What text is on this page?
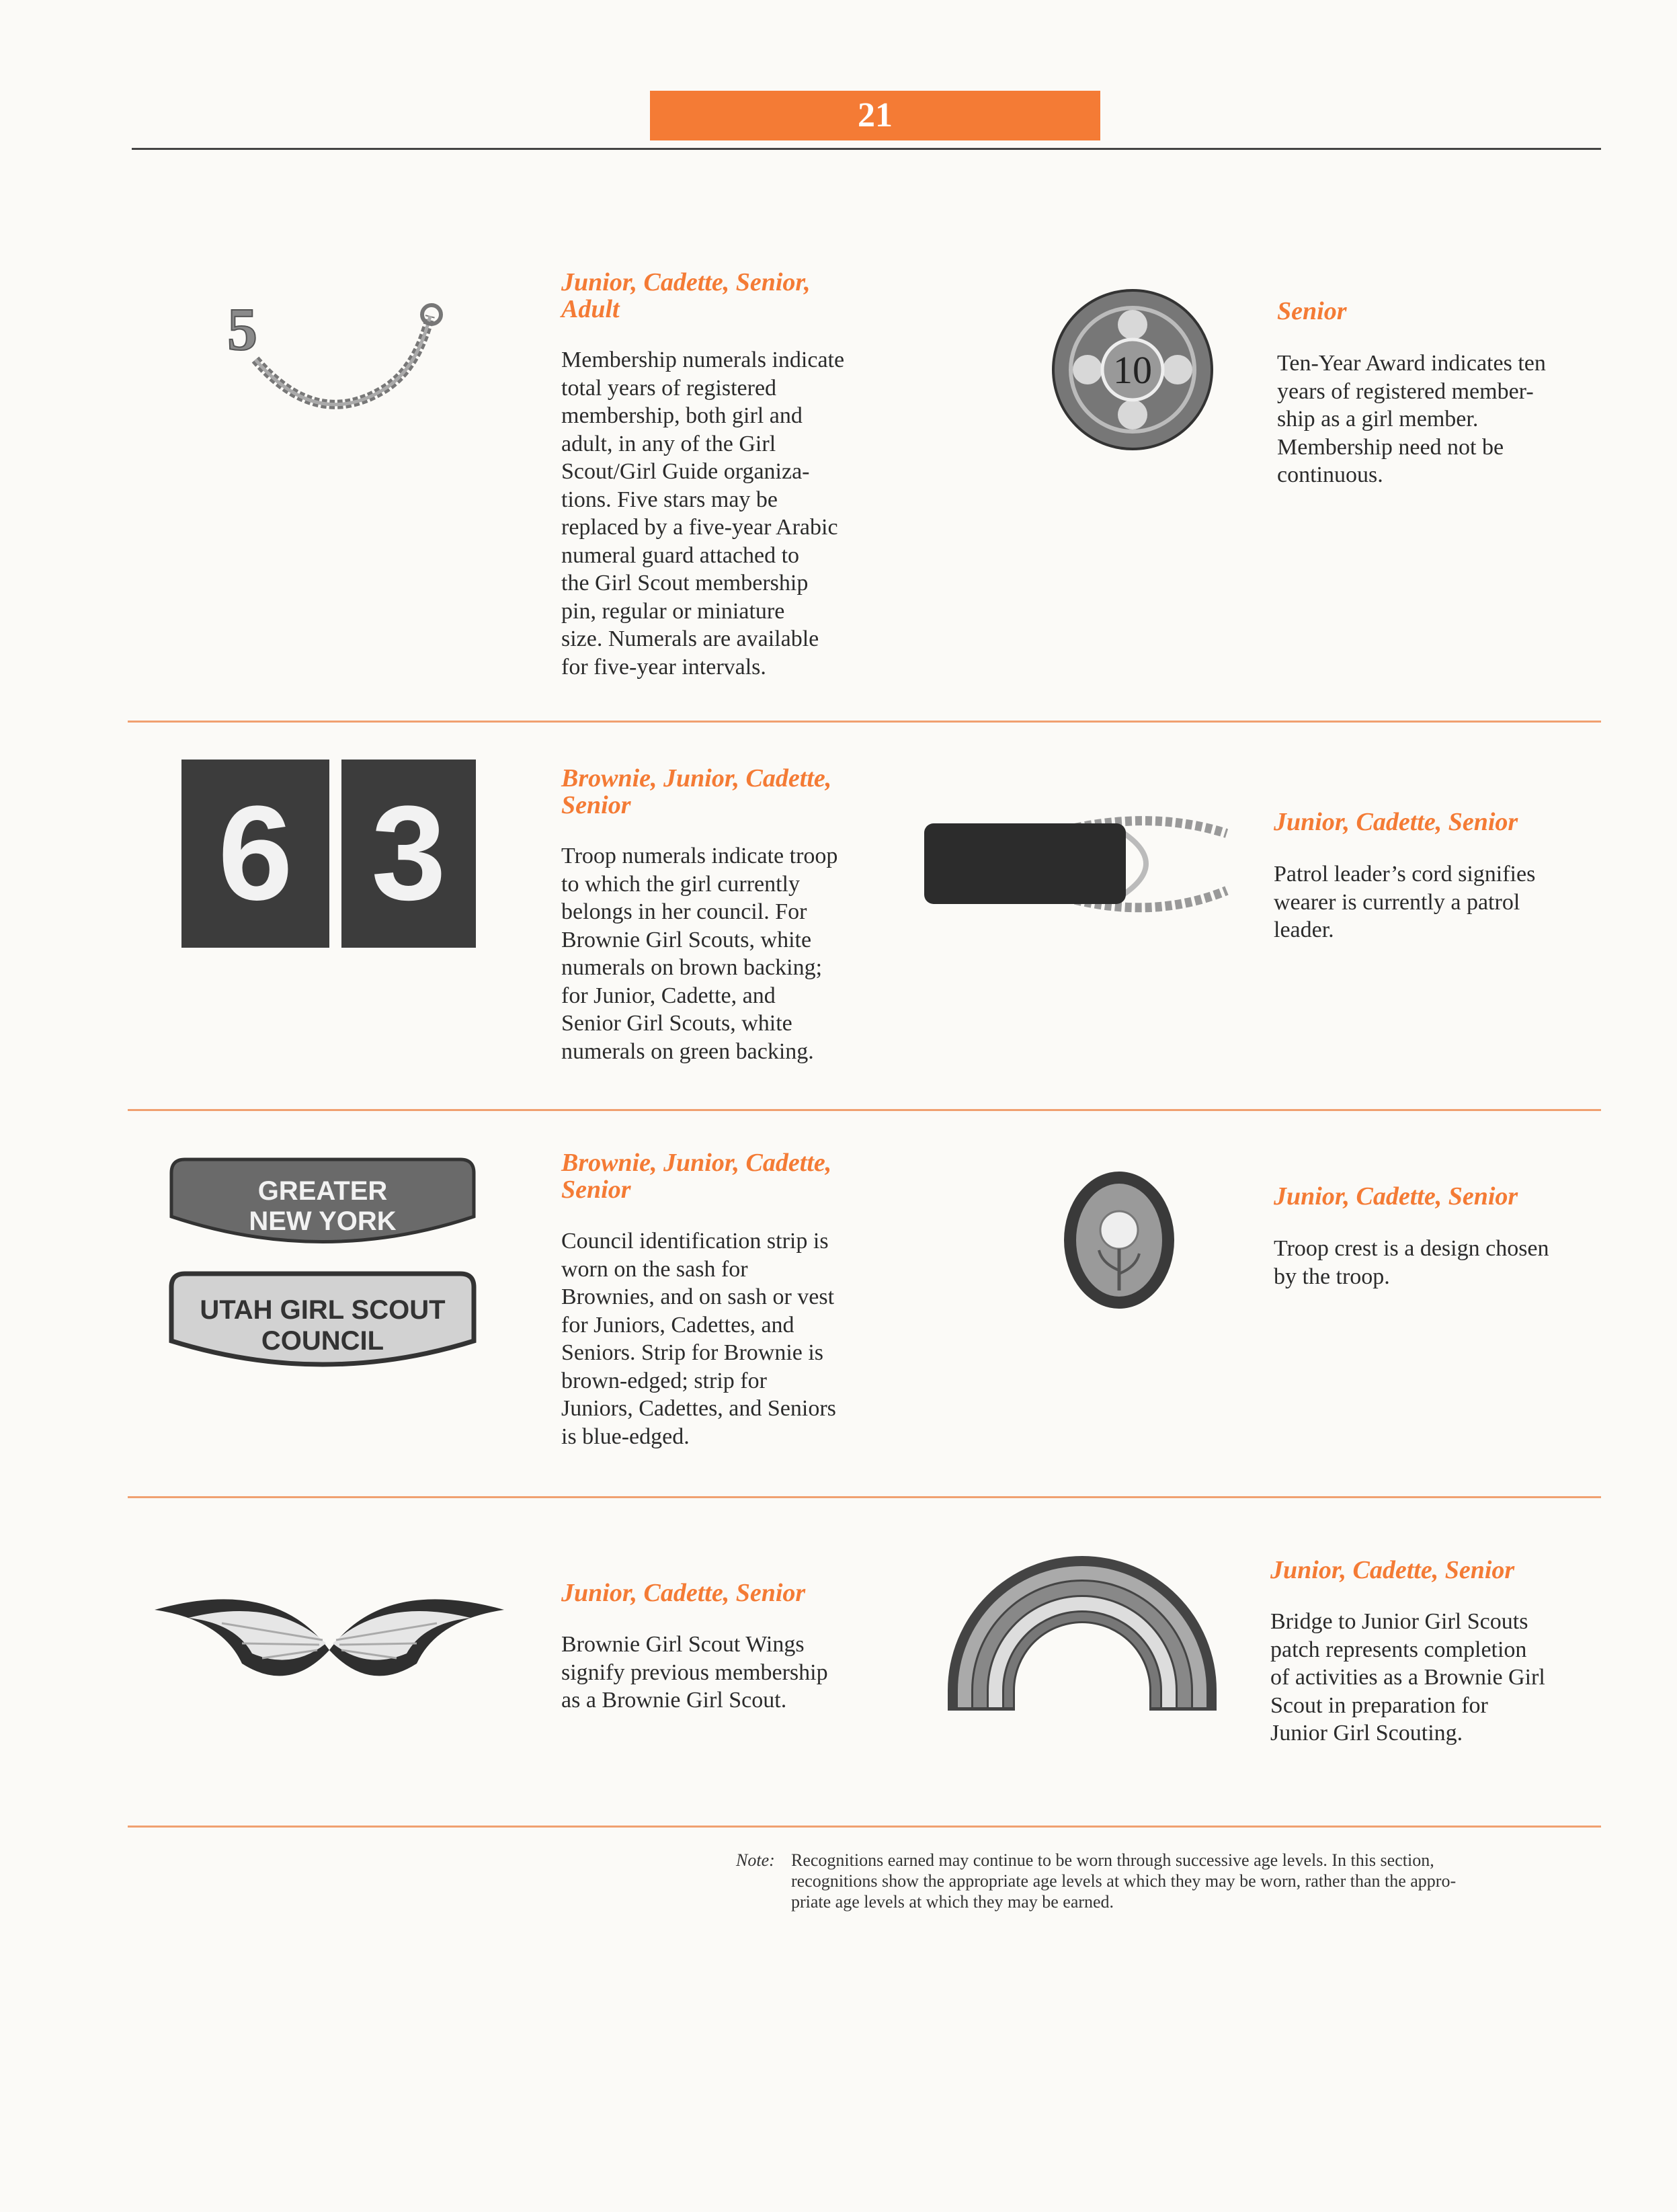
21
5
Junior, Cadette, Senior,
Adult
Membership numerals indicate
total years of registered
membership, both girl and
adult, in any of the Girl
Scout/Girl Guide organiza-
tions. Five stars may be
replaced by a five-year Arabic
numeral guard attached to
the Girl Scout membership
pin, regular or miniature
size. Numerals are available
for five-year intervals.
10
Senior
Ten-Year Award indicates ten
years of registered member-
ship as a girl member.
Membership need not be
continuous.
6 3	Brownie, Junior, Cadette,
Senior
Troop numerals indicate troop
to which the girl currently
belongs in her council. For
Brownie Girl Scouts, white
numerals on brown backing;
for Junior, Cadette, and
Senior Girl Scouts, white
numerals on green backing.
Junior, Cadette, Senior
Patrol leader’s cord signifies
wearer is currently a patrol
leader.
GREATER
NEW YORK
UTAH GIRL SCOUT
COUNCIL
Brownie, Junior, Cadette,
Senior
Council identification strip is
worn on the sash for
Brownies, and on sash or vest
for Juniors, Cadettes, and
Seniors. Strip for Brownie is
brown-edged; strip for
Juniors, Cadettes, and Seniors
is blue-edged.
Junior, Cadette, Senior
Troop crest is a design chosen
by the troop.
Junior, Cadette, Senior
Brownie Girl Scout Wings
signify previous membership
as a Brownie Girl Scout.
Junior, Cadette, Senior
Bridge to Junior Girl Scouts
patch represents completion
of activities as a Brownie Girl
Scout in preparation for
Junior Girl Scouting.
Note: Recognitions earned may continue to be worn through successive age levels. In this section,
recognitions show the appropriate age levels at which they may be worn, rather than the appro-
priate age levels at which they may be earned.
